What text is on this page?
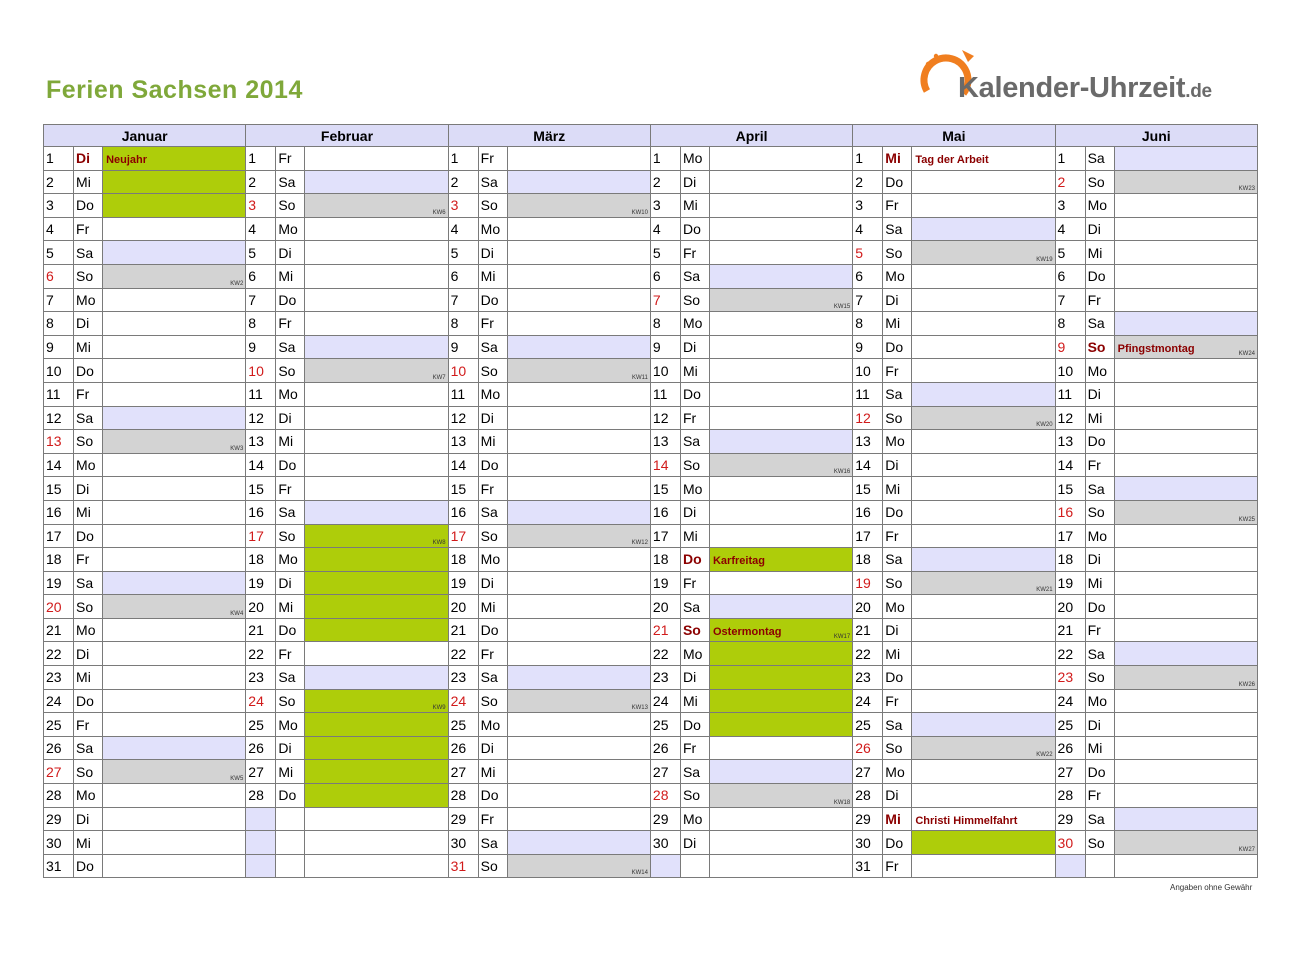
Ferien Sachsen 2014	Kalender-Uhrzeit.de
Januar			Februar			März			April			Mai			Juni		
1	Di	Neujahr	1	Fr		1	Fr		1	Mo		1	Mi	Tag der Arbeit	1	Sa	
2	Mi		2	Sa		2	Sa		2	Di		2	Do		2	So	KW23

3	Do		3	So	KW6	3	So	KW10	3	Mi		3	Fr		3	Mo	
4	Fr		4	Mo		4	Mo		4	Do		4	Sa		4	Di	
5	Sa		5	Di		5	Di		5	Fr		5	So	KW19	5	Mi	
6	So	KW2	6	Mi		6	Mi		6	Sa		6	Mo		6	Do	
7	Mo		7	Do		7	Do		7	So	KW15	7	Di		7	Fr	
8	Di		8	Fr		8	Fr		8	Mo		8	Mi		8	Sa	
9	Mi		9	Sa		9	Sa		9	Di		9	Do		9	So	Pfingstmontag KW24

10	Do		10	So	KW7	10	So	KW11	10	Mi		10	Fr		10	Mo	
11	Fr		11	Mo		11	Mo		11	Do		11	Sa		11	Di	
12	Sa		12	Di		12	Di		12	Fr		12	So	KW20	12	Mi	
13	So	KW3	13	Mi		13	Mi		13	Sa		13	Mo		13	Do	
14	Mo		14	Do		14	Do		14	So	KW16	14	Di		14	Fr	
15	Di		15	Fr		15	Fr		15	Mo		15	Mi		15	Sa	
16	Mi		16	Sa		16	Sa		16	Di		16	Do		16	So	KW25

17	Do		17	So	KW8	17	So	KW12	17	Mi		17	Fr		17	Mo	
18	Fr		18	Mo		18	Mo		18	Do	Karfreitag	18	Sa		18	Di	
19	Sa		19	Di		19	Di		19	Fr		19	So	KW21	19	Mi	
20	So	KW4	20	Mi		20	Mi		20	Sa		20	Mo		20	Do	
21	Mo		21	Do		21	Do		21	So	Ostermontag KW17	21	Di		21	Fr	
22	Di		22	Fr		22	Fr		22	Mo		22	Mi		22	Sa	
23	Mi		23	Sa		23	Sa		23	Di		23	Do		23	So	KW26

24	Do		24	So	KW9	24	So	KW13	24	Mi		24	Fr		24	Mo	
25	Fr		25	Mo		25	Mo		25	Do		25	Sa		25	Di	
26	Sa		26	Di		26	Di		26	Fr		26	So	KW22	26	Mi	
27	So	KW5	27	Mi		27	Mi		27	Sa		27	Mo		27	Do	
28	Mo		28	Do		28	Do		28	So	KW18	28	Di		28	Fr	
29	Di					29	Fr		29	Mo		29	Mi	Christi Himmelfahrt	29	Sa	
30	Mi					30	Sa		30	Di		30	Do		30	So	KW27

31	Do					31	So	KW14				31	Fr				
Angaben ohne Gewähr
